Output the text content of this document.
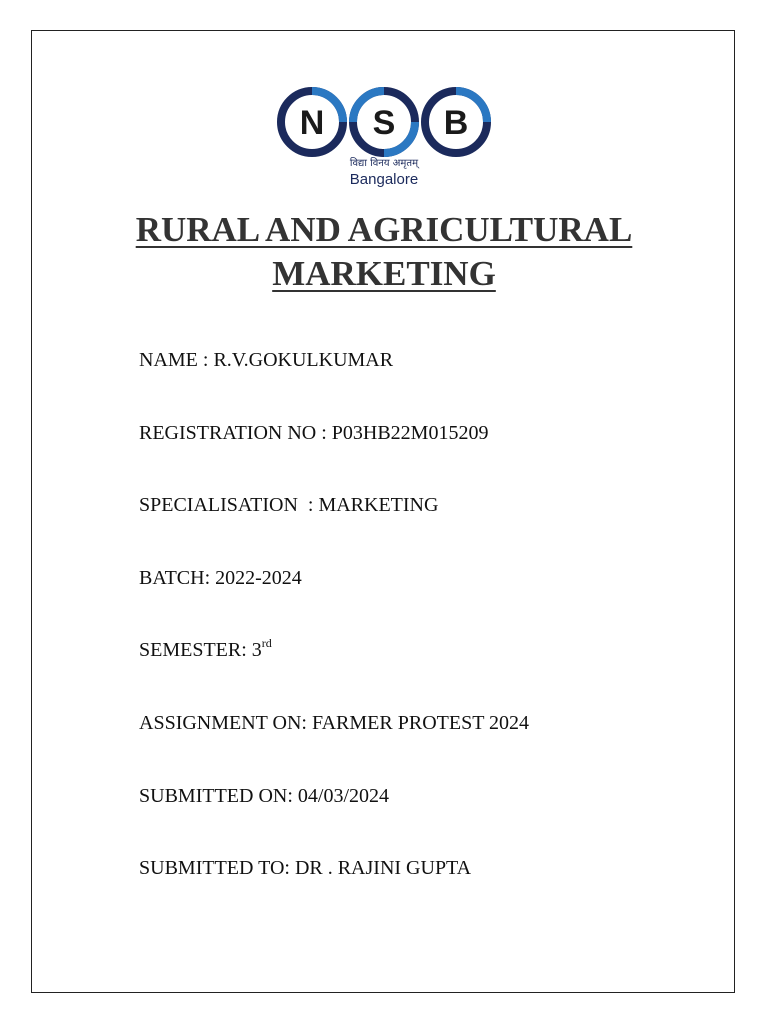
N S B
विद्या विनय अमृतम्
Bangalore
RURAL AND AGRICULTURAL
MARKETING
NAME : R.V.GOKULKUMAR
REGISTRATION NO : P03HB22M015209
SPECIALISATION  : MARKETING
BATCH: 2022-2024
SEMESTER: 3rd
ASSIGNMENT ON: FARMER PROTEST 2024
SUBMITTED ON: 04/03/2024
SUBMITTED TO: DR . RAJINI GUPTA
